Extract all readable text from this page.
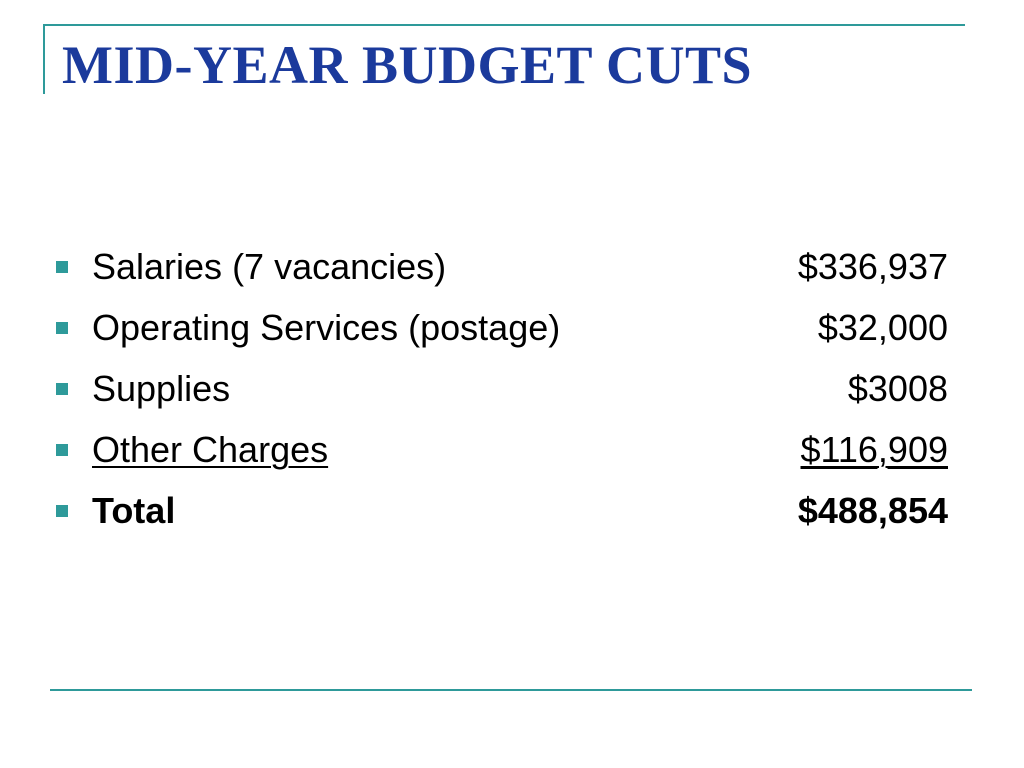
MID-YEAR BUDGET CUTS
Salaries (7 vacancies)	$336,937
Operating Services (postage)	$32,000
Supplies	$3008
Other Charges	$116,909
Total	$488,854
